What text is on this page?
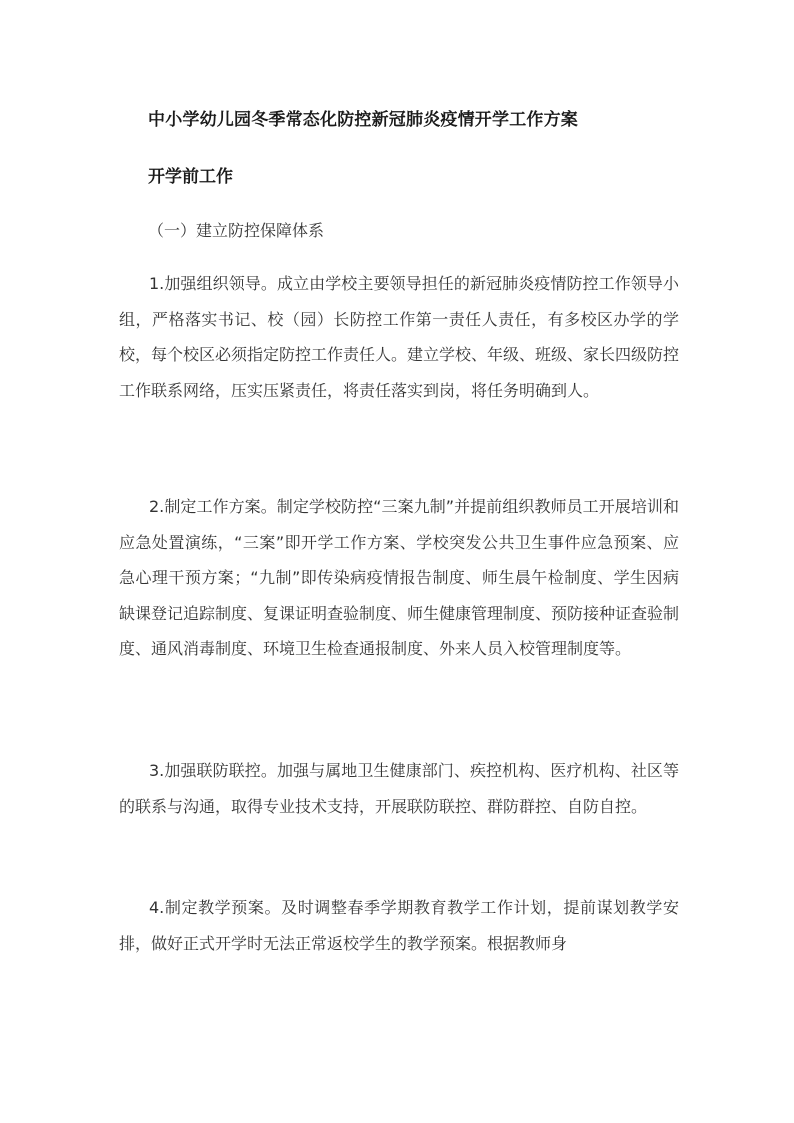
中小学幼儿园冬季常态化防控新冠肺炎疫情开学工作方案
开学前工作
（一）建立防控保障体系
1.加强组织领导。成立由学校主要领导担任的新冠肺炎疫情防控工作领导小组，严格落实书记、校（园）长防控工作第一责任人责任，有多校区办学的学校，每个校区必须指定防控工作责任人。建立学校、年级、班级、家长四级防控工作联系网络，压实压紧责任，将责任落实到岗，将任务明确到人。
2.制定工作方案。制定学校防控“三案九制”并提前组织教师员工开展培训和应急处置演练，“三案”即开学工作方案、学校突发公共卫生事件应急预案、应急心理干预方案；“九制”即传染病疫情报告制度、师生晨午检制度、学生因病缺课登记追踪制度、复课证明查验制度、师生健康管理制度、预防接种证查验制度、通风消毒制度、环境卫生检查通报制度、外来人员入校管理制度等。
3.加强联防联控。加强与属地卫生健康部门、疾控机构、医疗机构、社区等的联系与沟通，取得专业技术支持，开展联防联控、群防群控、自防自控。
4.制定教学预案。及时调整春季学期教育教学工作计划，提前谋划教学安排，做好正式开学时无法正常返校学生的教学预案。根据教师身
